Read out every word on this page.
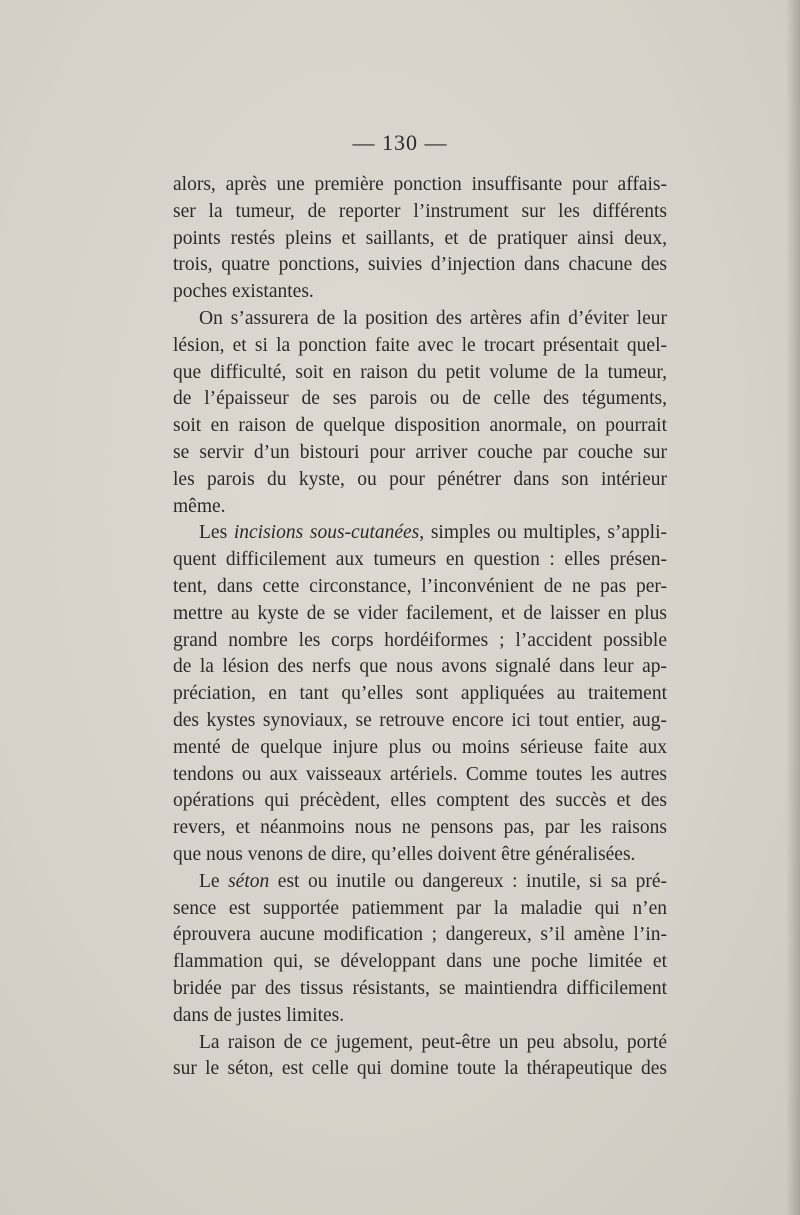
— 130 —
alors, après une première ponction insuffisante pour affais-
ser la tumeur, de reporter l’instrument sur les différents
points restés pleins et saillants, et de pratiquer ainsi deux,
trois, quatre ponctions, suivies d’injection dans chacune des
poches existantes.
On s’assurera de la position des artères afin d’éviter leur
lésion, et si la ponction faite avec le trocart présentait quel-
que difficulté, soit en raison du petit volume de la tumeur,
de l’épaisseur de ses parois ou de celle des téguments,
soit en raison de quelque disposition anormale, on pourrait
se servir d’un bistouri pour arriver couche par couche sur
les parois du kyste, ou pour pénétrer dans son intérieur
même.
Les incisions sous-cutanées, simples ou multiples, s’appli-
quent difficilement aux tumeurs en question : elles présen-
tent, dans cette circonstance, l’inconvénient de ne pas per-
mettre au kyste de se vider facilement, et de laisser en plus
grand nombre les corps hordéiformes ; l’accident possible
de la lésion des nerfs que nous avons signalé dans leur ap-
préciation, en tant qu’elles sont appliquées au traitement
des kystes synoviaux, se retrouve encore ici tout entier, aug-
menté de quelque injure plus ou moins sérieuse faite aux
tendons ou aux vaisseaux artériels. Comme toutes les autres
opérations qui précèdent, elles comptent des succès et des
revers, et néanmoins nous ne pensons pas, par les raisons
que nous venons de dire, qu’elles doivent être généralisées.
Le séton est ou inutile ou dangereux : inutile, si sa pré-
sence est supportée patiemment par la maladie qui n’en
éprouvera aucune modification ; dangereux, s’il amène l’in-
flammation qui, se développant dans une poche limitée et
bridée par des tissus résistants, se maintiendra difficilement
dans de justes limites.
La raison de ce jugement, peut-être un peu absolu, porté
sur le séton, est celle qui domine toute la thérapeutique des
